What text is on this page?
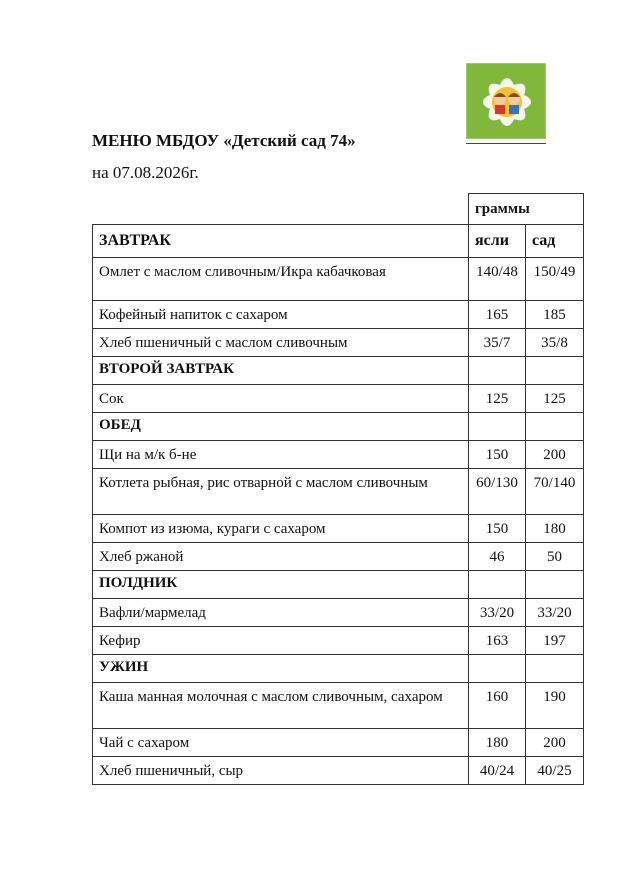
МЕНЮ МБДОУ «Детский сад 74»
на 07.08.2026г.
	граммы	
ЗАВТРАК	ясли	сад
Омлет с маслом сливочным/Икра кабачковая	140/48	150/49
Кофейный напиток с сахаром	165	185
Хлеб пшеничный с маслом сливочным	35/7	35/8
ВТОРОЙ ЗАВТРАК		
Сок	125	125
ОБЕД		
Щи на м/к б-не	150	200
Котлета рыбная, рис отварной с маслом сливочным	60/130	70/140
Компот из изюма, кураги с сахаром	150	180
Хлеб ржаной	46	50
ПОЛДНИК		
Вафли/мармелад	33/20	33/20
Кефир	163	197
УЖИН		
Каша манная молочная с маслом сливочным, сахаром	160	190
Чай с сахаром	180	200
Хлеб пшеничный, сыр	40/24	40/25
